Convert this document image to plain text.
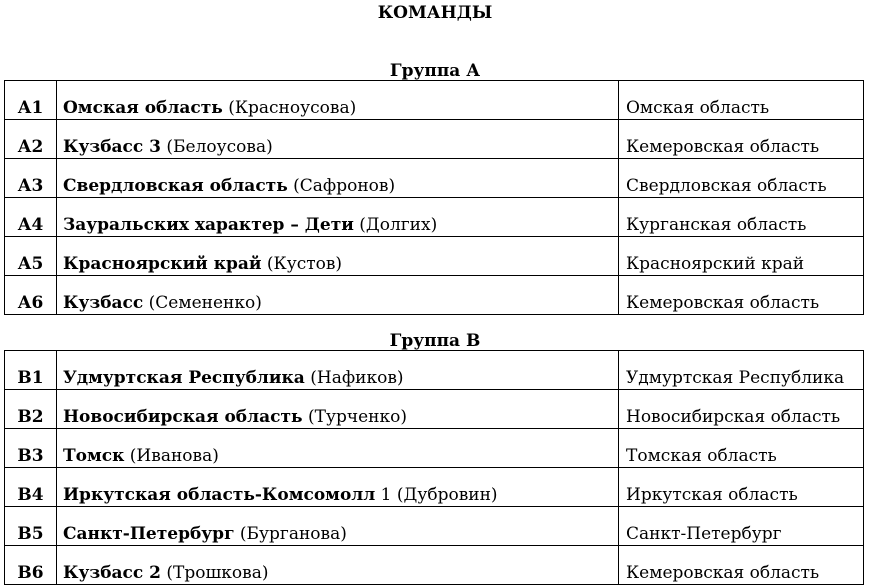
КОМАНДЫ
Группа А
А1	Омская область (Красноусова)	Омская область

А2	Кузбасс 3 (Белоусова)	Кемеровская область

А3	Свердловская область (Сафронов)	Свердловская область

А4	Зауральских характер – Дети (Долгих)	Курганская область

А5	Красноярский край (Кустов)	Красноярский край

А6	Кузбасс (Семененко)	Кемеровская область
Группа В
В1	Удмуртская Республика (Нафиков)	Удмуртская Республика

В2	Новосибирская область (Турченко)	Новосибирская область

В3	Томск (Иванова)	Томская область

В4	Иркутская область-Комсомолл 1 (Дубровин)	Иркутская область

В5	Санкт-Петербург (Бурганова)	Санкт-Петербург

В6	Кузбасс 2 (Трошкова)	Кемеровская область
